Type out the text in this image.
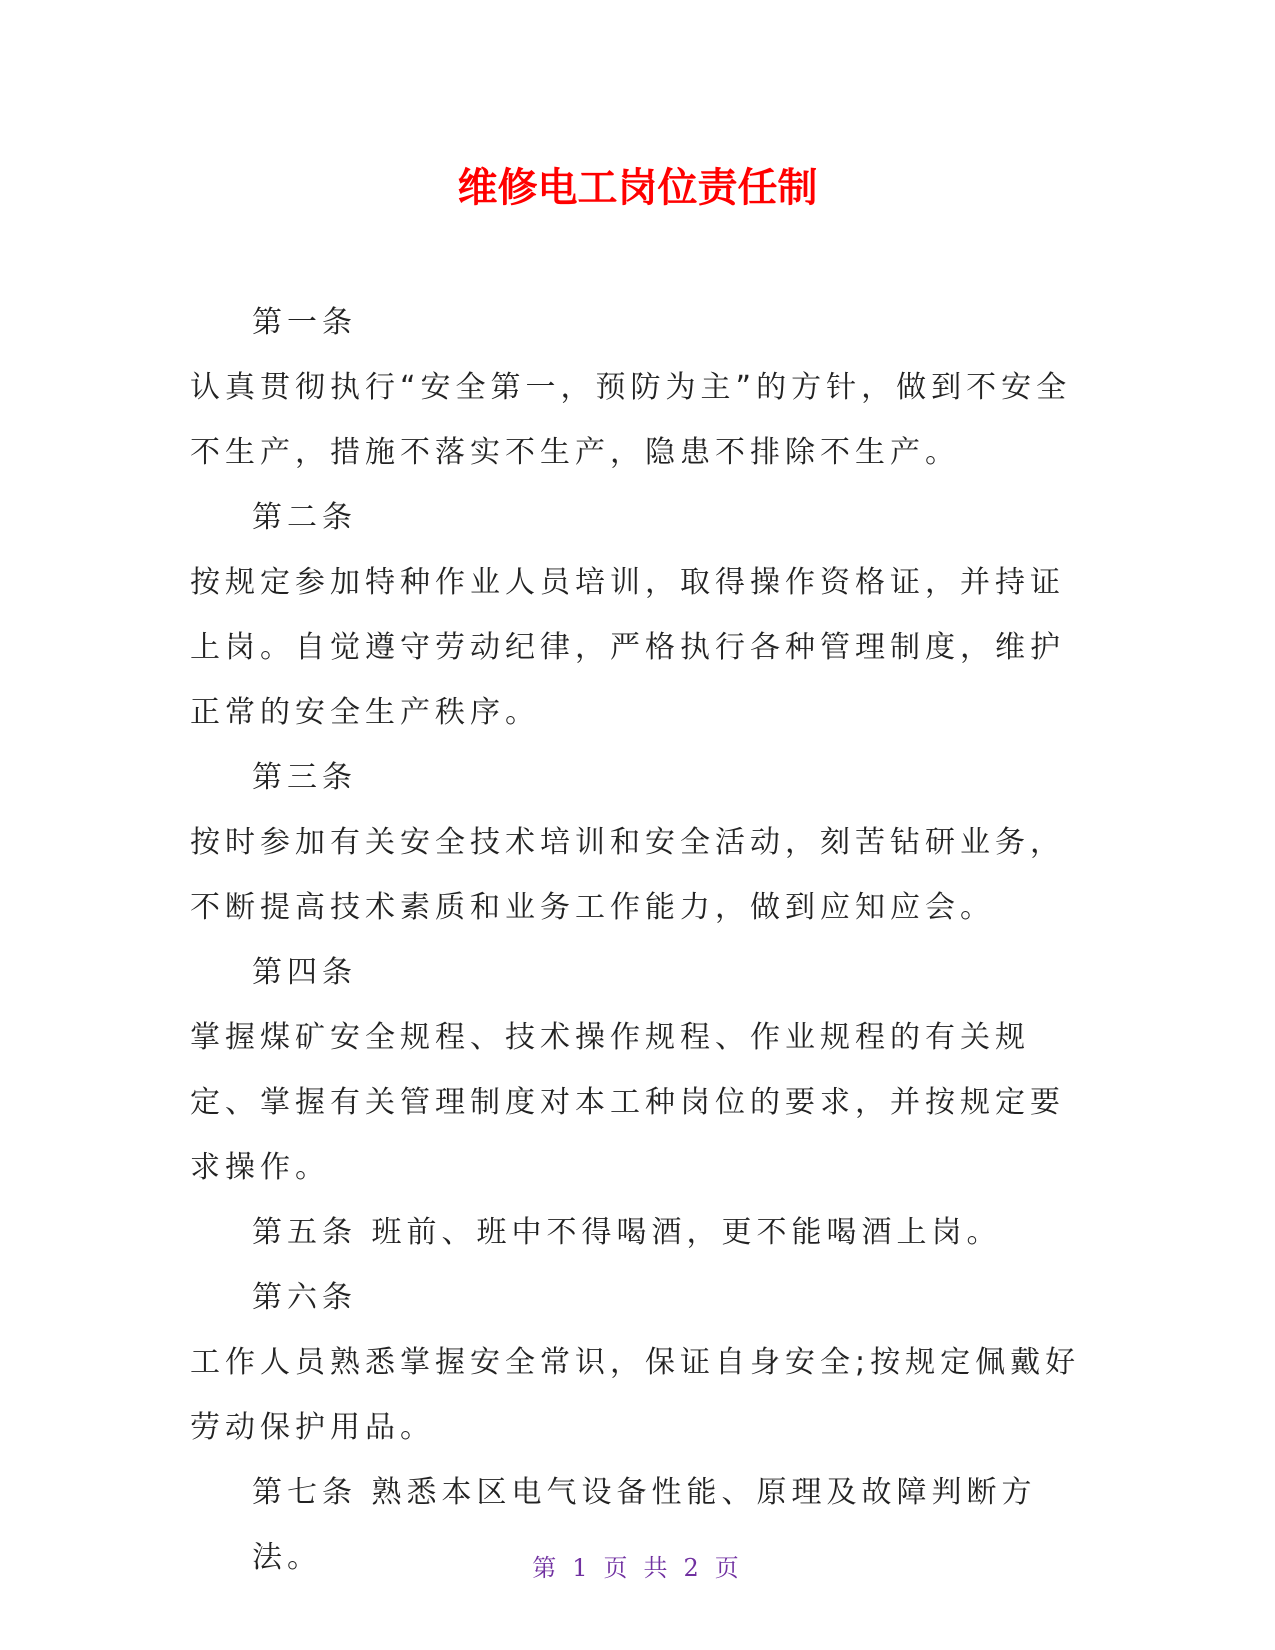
维修电工岗位责任制

第一条

认真贯彻执行“安全第一，预防为主”的方针，做到不安全不生产，措施不落实不生产，隐患不排除不生产。

第二条

按规定参加特种作业人员培训，取得操作资格证，并持证上岗。自觉遵守劳动纪律，严格执行各种管理制度，维护正常的安全生产秩序。

第三条

按时参加有关安全技术培训和安全活动，刻苦钻研业务，不断提高技术素质和业务工作能力，做到应知应会。

第四条

掌握煤矿安全规程、技术操作规程、作业规程的有关规定、掌握有关管理制度对本工种岗位的要求，并按规定要求操作。

第五条 班前、班中不得喝酒，更不能喝酒上岗。

第六条

工作人员熟悉掌握安全常识，保证自身安全;按规定佩戴好劳动保护用品。

第七条 熟悉本区电气设备性能、原理及故障判断方法。	第 1 页 共 2 页
